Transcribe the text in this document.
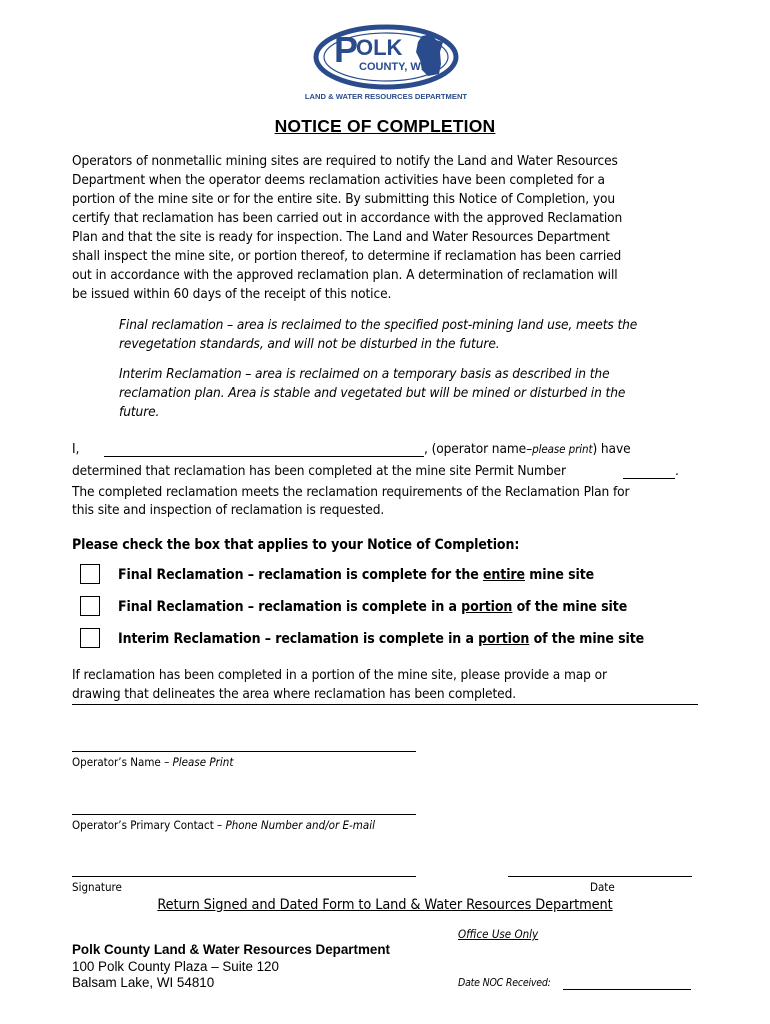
P
OLK
COUNTY, WI
LAND & WATER RESOURCES DEPARTMENT
NOTICE OF COMPLETION
Operators of nonmetallic mining sites are required to notify the Land and Water Resources
Department when the operator deems reclamation activities have been completed for a
portion of the mine site or for the entire site. By submitting this Notice of Completion, you
certify that reclamation has been carried out in accordance with the approved Reclamation
Plan and that the site is ready for inspection. The Land and Water Resources Department
shall inspect the mine site, or portion thereof, to determine if reclamation has been carried
out in accordance with the approved reclamation plan. A determination of reclamation will
be issued within 60 days of the receipt of this notice.
Final reclamation – area is reclaimed to the specified post-mining land use, meets the
revegetation standards, and will not be disturbed in the future.
Interim Reclamation – area is reclaimed on a temporary basis as described in the
reclamation plan. Area is stable and vegetated but will be mined or disturbed in the
future.
I,	, (operator name–please print) have
determined that reclamation has been completed at the mine site Permit Number	.
The completed reclamation meets the reclamation requirements of the Reclamation Plan for
this site and inspection of reclamation is requested.
Please check the box that applies to your Notice of Completion:
Final Reclamation – reclamation is complete for the entire mine site
Final Reclamation – reclamation is complete in a portion of the mine site
Interim Reclamation – reclamation is complete in a portion of the mine site
If reclamation has been completed in a portion of the mine site, please provide a map or
drawing that delineates the area where reclamation has been completed.
Operator’s Name – Please Print
Operator’s Primary Contact – Phone Number and/or E-mail
Signature	Date
Return Signed and Dated Form to Land & Water Resources Department
Office Use Only
Polk County Land & Water Resources Department
100 Polk County Plaza – Suite 120
Balsam Lake, WI 54810	Date NOC Received:
